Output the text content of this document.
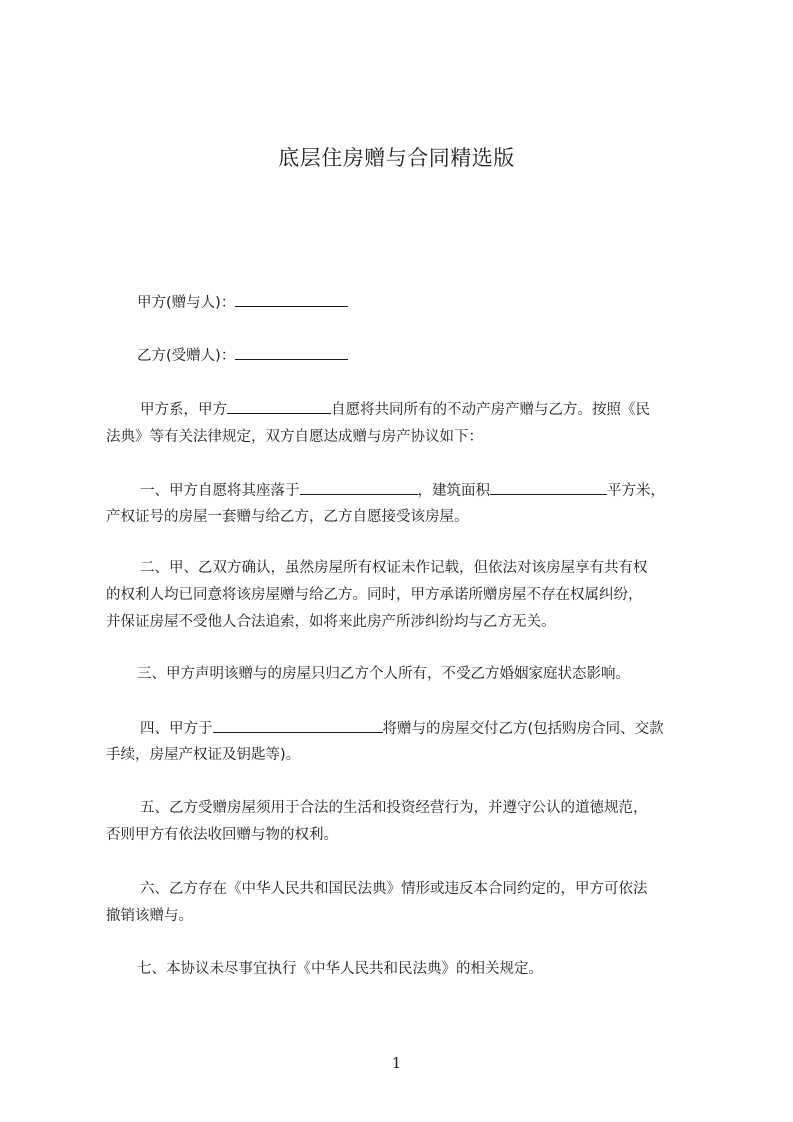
底层住房赠与合同精选版
甲方(赠与人)：
乙方(受赠人)：
甲方系，甲方	自愿将共同所有的不动产房产赠与乙方。按照《民
法典》等有关法律规定，双方自愿达成赠与房产协议如下：
一、甲方自愿将其座落于	，建筑面积	平方米，
产权证号的房屋一套赠与给乙方，乙方自愿接受该房屋。
二、甲、乙双方确认，虽然房屋所有权证未作记载，但依法对该房屋享有共有权
的权利人均已同意将该房屋赠与给乙方。同时，甲方承诺所赠房屋不存在权属纠纷，
并保证房屋不受他人合法追索，如将来此房产所涉纠纷均与乙方无关。
三、甲方声明该赠与的房屋只归乙方个人所有，不受乙方婚姻家庭状态影响。
四、甲方于	将赠与的房屋交付乙方(包括购房合同、交款
手续，房屋产权证及钥匙等)。
五、乙方受赠房屋须用于合法的生活和投资经营行为，并遵守公认的道德规范，
否则甲方有依法收回赠与物的权利。
六、乙方存在《中华人民共和国民法典》情形或违反本合同约定的，甲方可依法
撤销该赠与。
七、本协议未尽事宜执行《中华人民共和民法典》的相关规定。
1
